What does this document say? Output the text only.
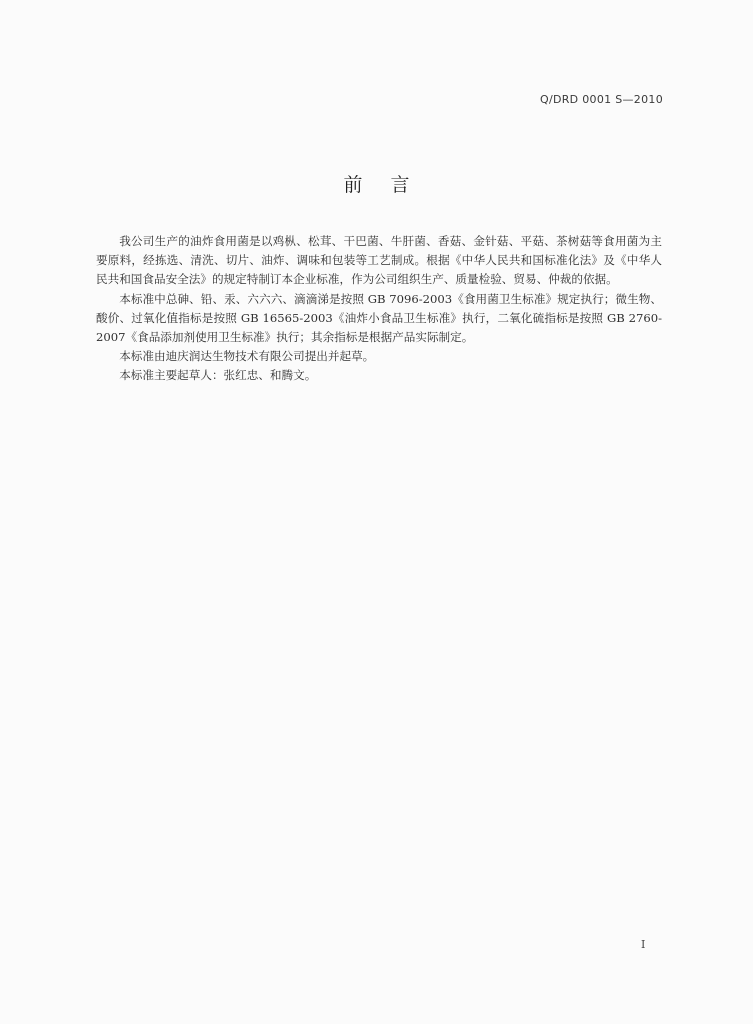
Q/DRD 0001 S—2010
前言

我公司生产的油炸食用菌是以鸡枞、松茸、干巴菌、牛肝菌、香菇、金针菇、平菇、茶树菇等食用菌为主要原料，经拣选、清洗、切片、油炸、调味和包装等工艺制成。根据《中华人民共和国标准化法》及《中华人民共和国食品安全法》的规定特制订本企业标准，作为公司组织生产、质量检验、贸易、仲裁的依据。

本标准中总砷、铅、汞、六六六、滴滴涕是按照 GB 7096-2003《食用菌卫生标准》规定执行；微生物、酸价、过氧化值指标是按照 GB 16565-2003《油炸小食品卫生标准》执行，二氧化硫指标是按照 GB 2760-2007《食品添加剂使用卫生标准》执行；其余指标是根据产品实际制定。

本标准由迪庆润达生物技术有限公司提出并起草。

本标准主要起草人：张红忠、和腾文。

I
